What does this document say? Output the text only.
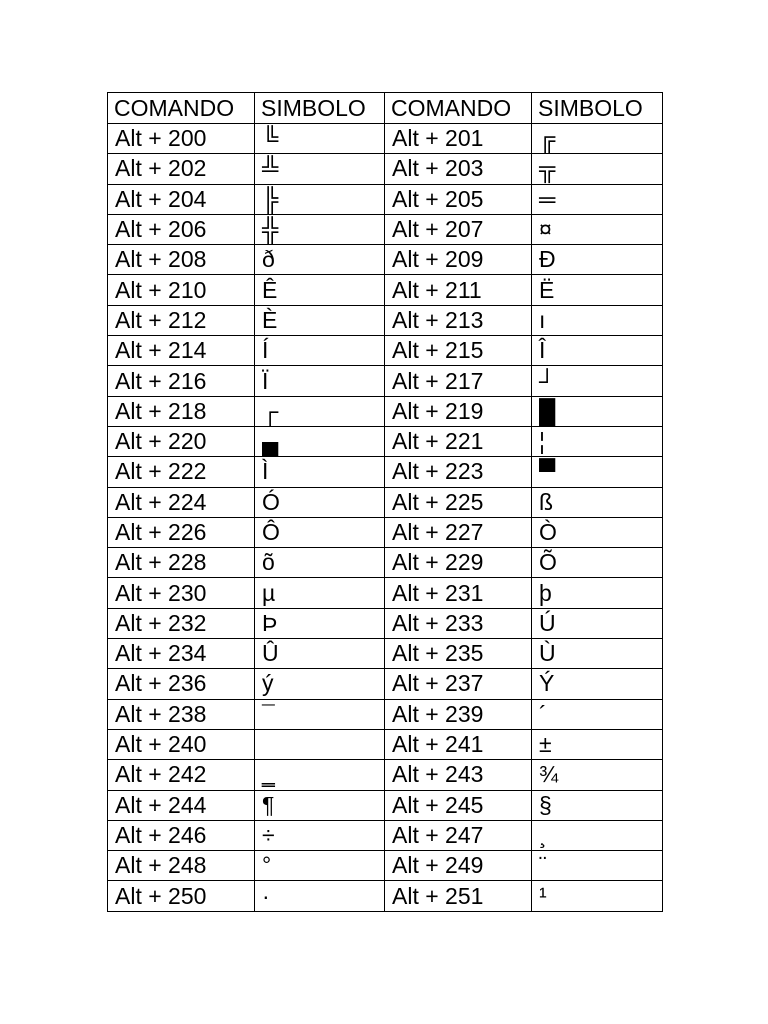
COMANDO	SIMBOLO	COMANDO	SIMBOLO
Alt + 200	╚	Alt + 201	╔
Alt + 202	╩	Alt + 203	╦
Alt + 204	╠	Alt + 205	═
Alt + 206	╬	Alt + 207	¤
Alt + 208	ð	Alt + 209	Đ
Alt + 210	Ê	Alt + 211	Ë
Alt + 212	È	Alt + 213	ı
Alt + 214	Í	Alt + 215	Î
Alt + 216	Ï	Alt + 217	┘
Alt + 218	┌	Alt + 219	█
Alt + 220	▄	Alt + 221	¦
Alt + 222	Ì	Alt + 223	▀
Alt + 224	Ó	Alt + 225	ß
Alt + 226	Ô	Alt + 227	Ò
Alt + 228	õ	Alt + 229	Õ
Alt + 230	µ	Alt + 231	þ
Alt + 232	Þ	Alt + 233	Ú
Alt + 234	Û	Alt + 235	Ù
Alt + 236	ý	Alt + 237	Ý
Alt + 238	¯	Alt + 239	´
Alt + 240		Alt + 241	±
Alt + 242	‗	Alt + 243	¾
Alt + 244	¶	Alt + 245	§
Alt + 246	÷	Alt + 247	¸
Alt + 248	°	Alt + 249	¨
Alt + 250	·	Alt + 251	¹
